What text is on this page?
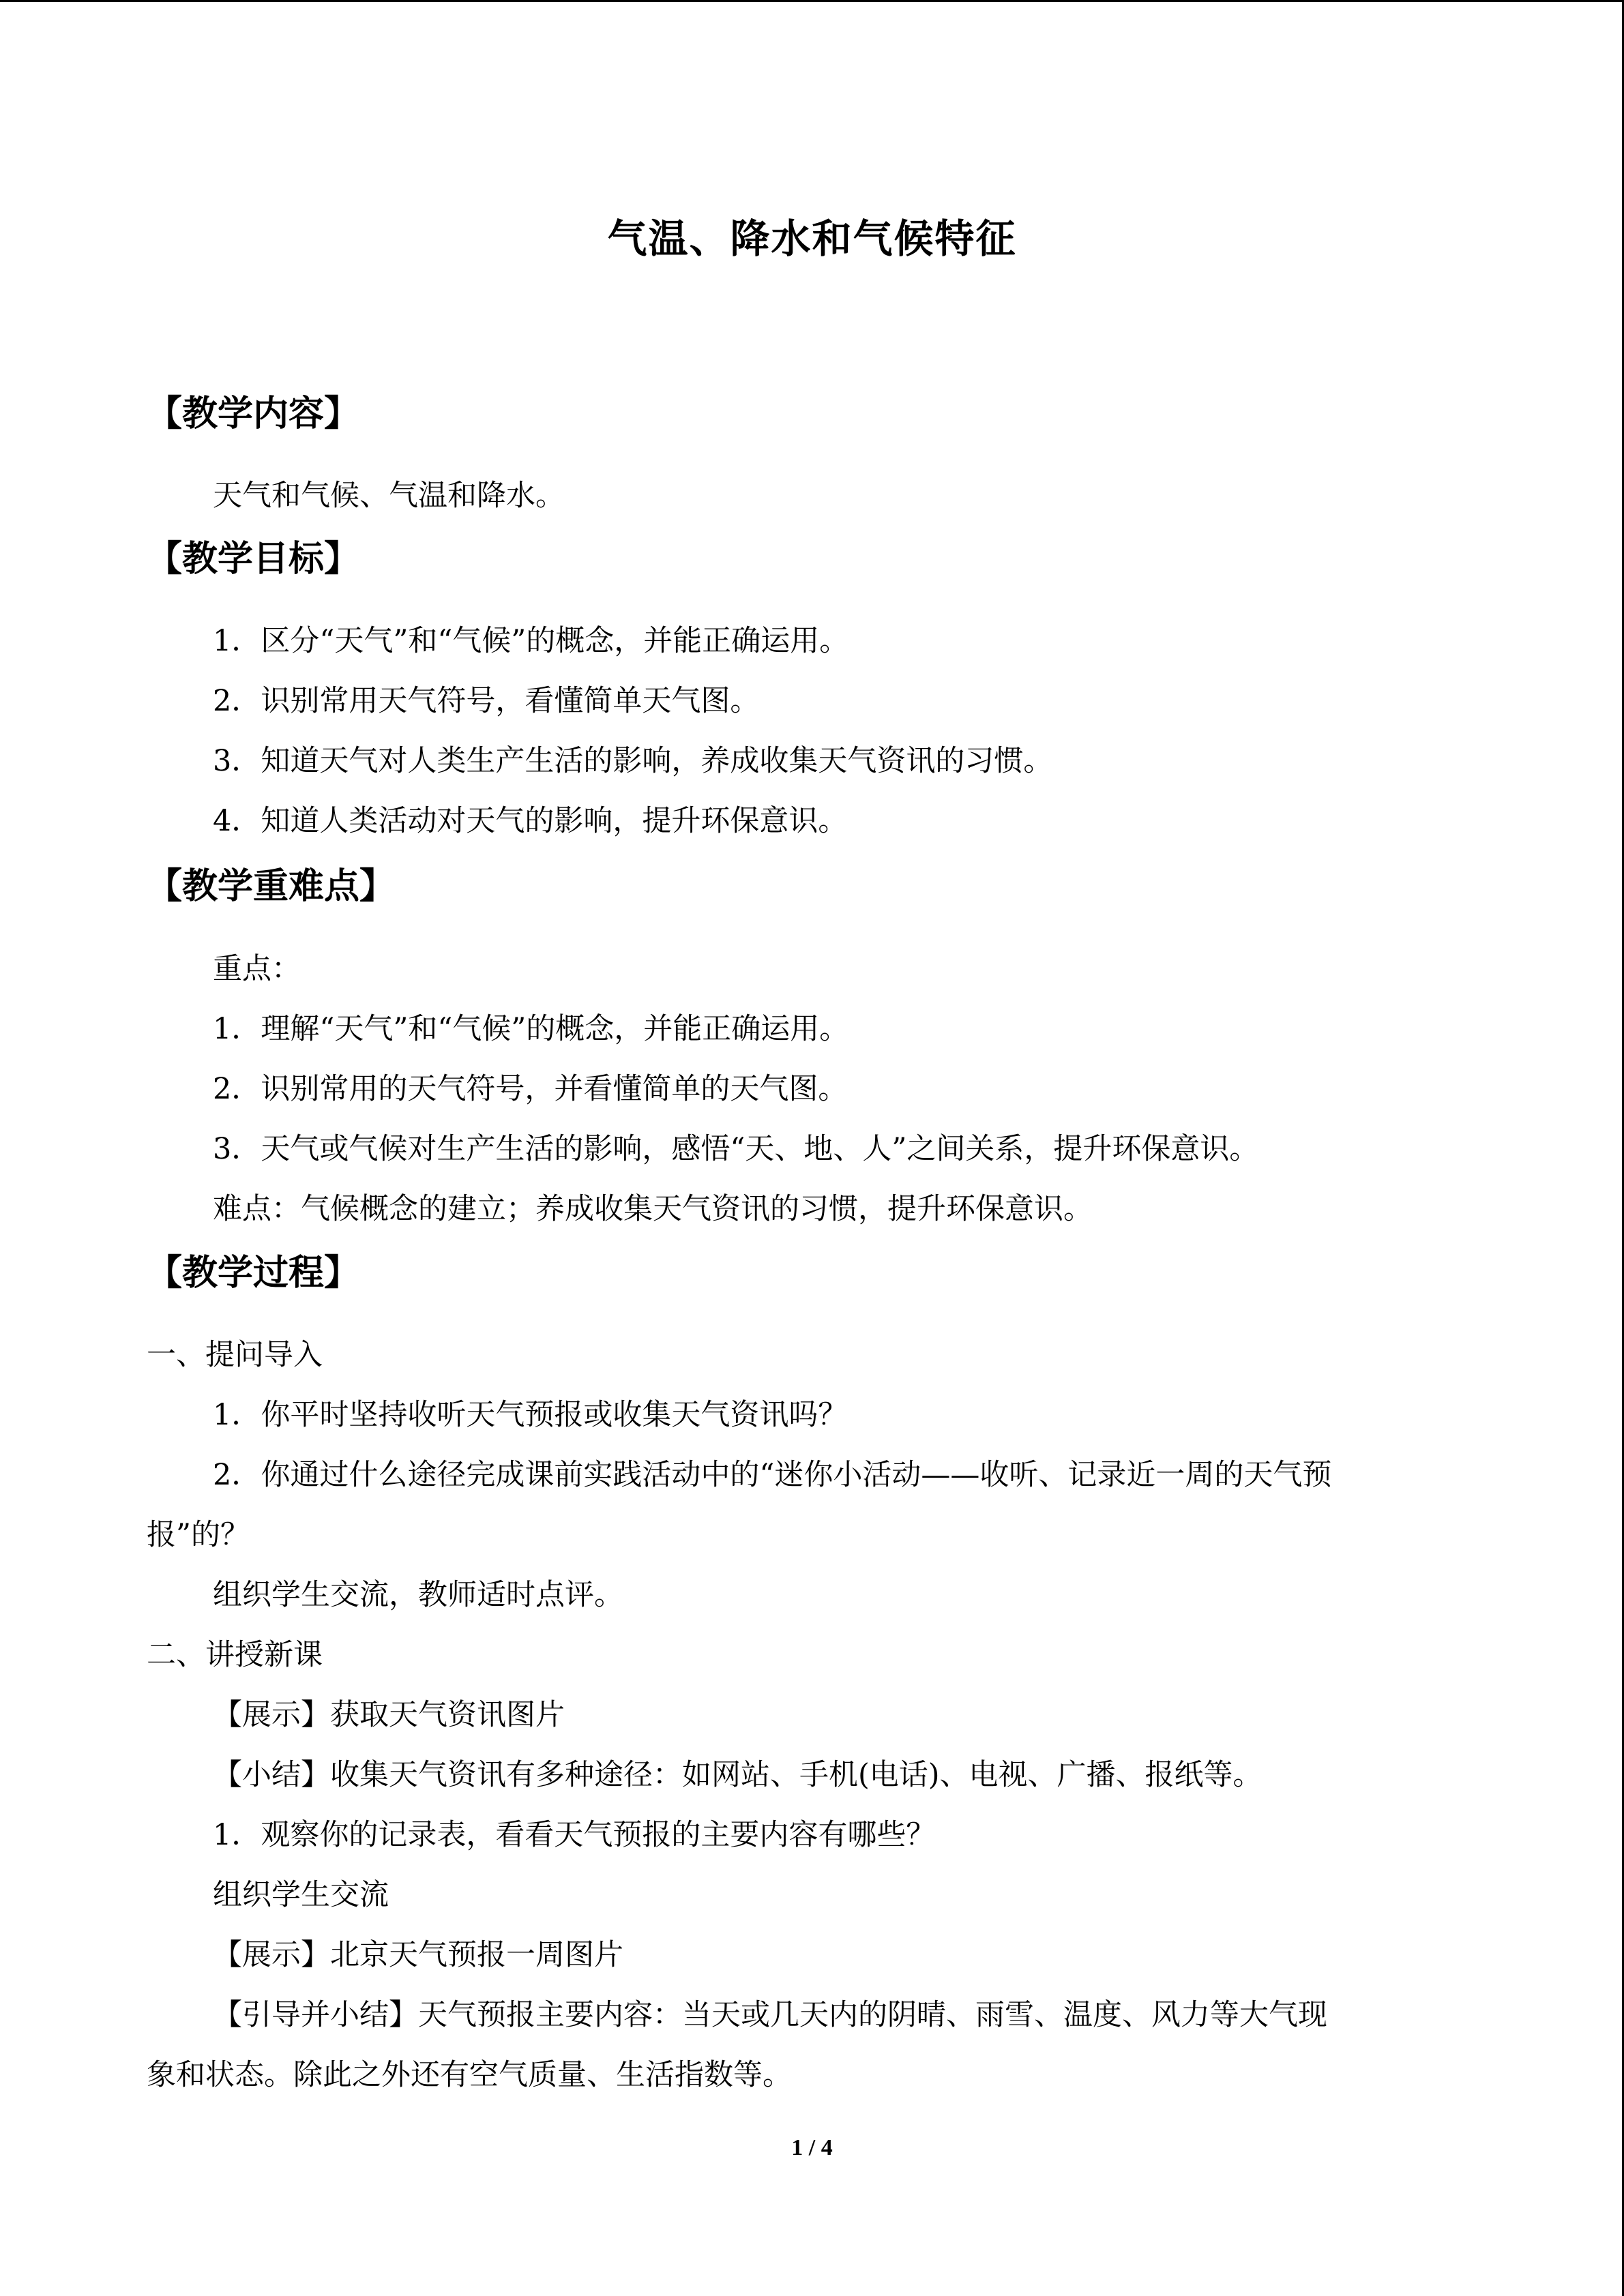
气温、降水和气候特征
【教学内容】
天气和气候、气温和降水。
【教学目标】
1．区分“天气”和“气候”的概念，并能正确运用。
2．识别常用天气符号，看懂简单天气图。
3．知道天气对人类生产生活的影响，养成收集天气资讯的习惯。
4．知道人类活动对天气的影响，提升环保意识。
【教学重难点】
重点：
1．理解“天气”和“气候”的概念，并能正确运用。
2．识别常用的天气符号，并看懂简单的天气图。
3．天气或气候对生产生活的影响，感悟“天、地、人”之间关系，提升环保意识。
难点：气候概念的建立；养成收集天气资讯的习惯，提升环保意识。
【教学过程】
一、提问导入
1．你平时坚持收听天气预报或收集天气资讯吗？
2．你通过什么途径完成课前实践活动中的“迷你小活动——收听、记录近一周的天气预
报”的？
组织学生交流，教师适时点评。
二、讲授新课
【展示】获取天气资讯图片
【小结】收集天气资讯有多种途径：如网站、手机(电话)、电视、广播、报纸等。
1．观察你的记录表，看看天气预报的主要内容有哪些？
组织学生交流
【展示】北京天气预报一周图片
【引导并小结】天气预报主要内容：当天或几天内的阴晴、雨雪、温度、风力等大气现
象和状态。除此之外还有空气质量、生活指数等。
1 / 4
